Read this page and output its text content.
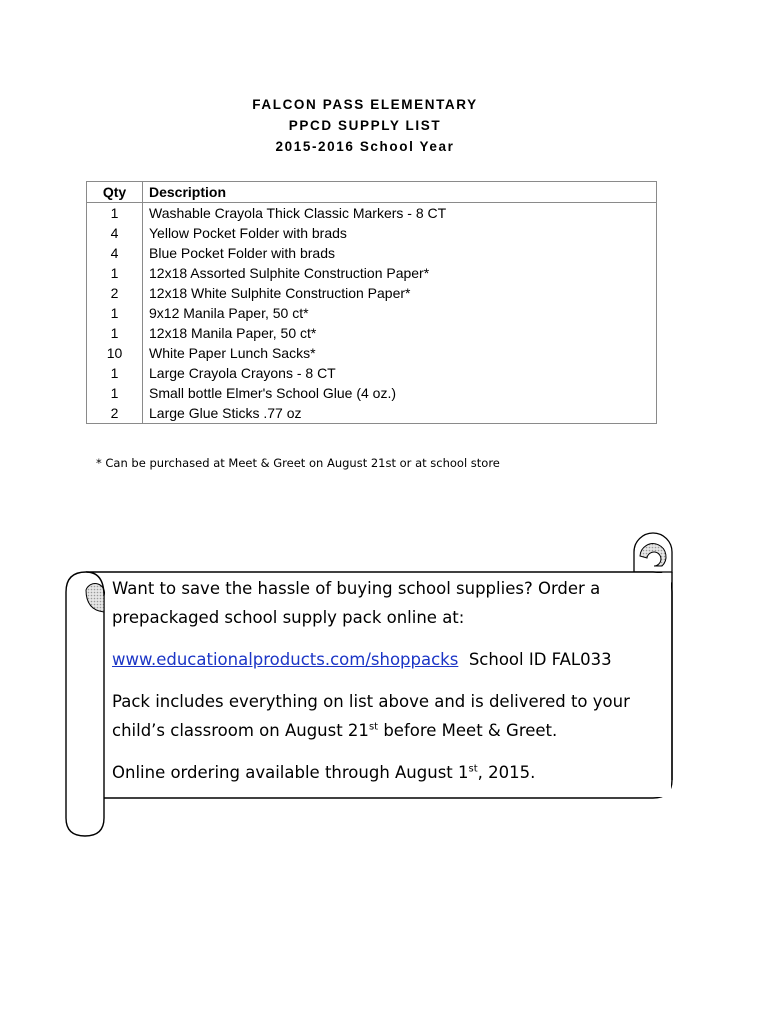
FALCON PASS ELEMENTARY
PPCD SUPPLY LIST
2015-2016 School Year
Qty	Description
1	Washable Crayola Thick Classic Markers - 8 CT
4	Yellow Pocket Folder with brads
4	Blue Pocket Folder with brads
1	12x18 Assorted Sulphite Construction Paper*
2	12x18 White Sulphite Construction Paper*
1	9x12 Manila Paper, 50 ct*
1	12x18 Manila Paper, 50 ct*
10	White Paper Lunch Sacks*
1	Large Crayola Crayons - 8 CT
1	Small bottle Elmer's School Glue (4 oz.)
2	Large Glue Sticks .77 oz
* Can be purchased at Meet & Greet on August 21st or at school store

Want to save the hassle of buying school supplies? Order a prepackaged school supply pack online at:

www.educationalproducts.com/shoppacks School ID FAL033

Pack includes everything on list above and is delivered to your child’s classroom on August 21st before Meet & Greet.

Online ordering available through August 1st, 2015.
